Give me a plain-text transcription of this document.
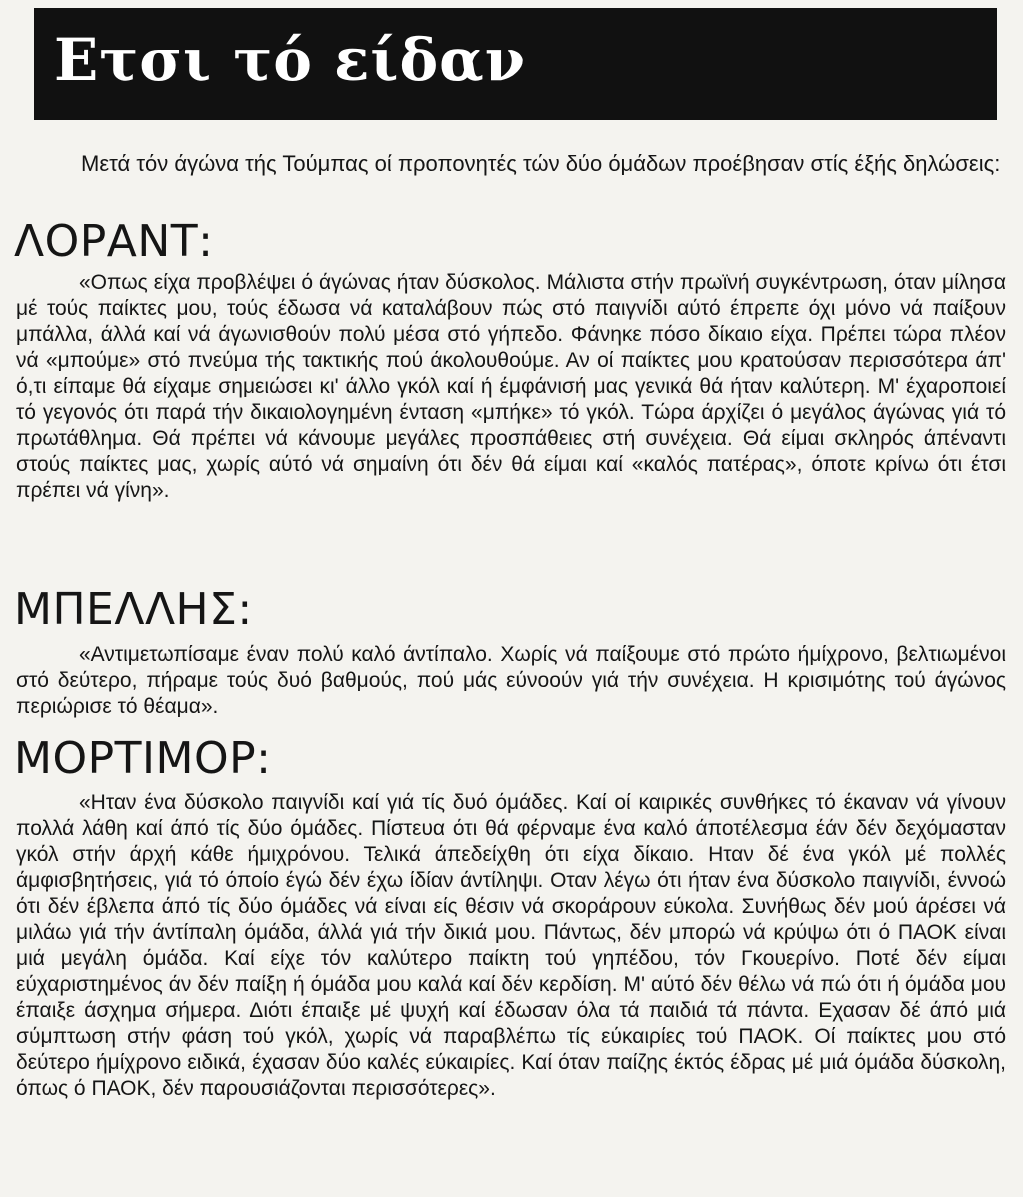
Ετσι τό είδαν
Μετά τόν άγώνα τής Τούμπας οί προπονητές τών δύο όμάδων προέβησαν στίς έξής δηλώσεις:
ΛΟΡΑΝΤ:
«Οπως είχα προβλέψει ό άγώνας ήταν δύσκολος. Μάλιστα στήν πρωϊνή συγκέντρωση, όταν μίλησα μέ τούς παίκτες μου, τούς έδωσα νά καταλάβουν πώς στό παιγνίδι αύτό έπρεπε όχι μόνο νά παίξουν μπάλλα, άλλά καί νά άγωνισθούν πολύ μέσα στό γήπεδο. Φάνηκε πόσο δίκαιο είχα. Πρέπει τώρα πλέον νά «μπούμε» στό πνεύμα τής τακτικής πού άκολουθούμε. Αν οί παίκτες μου κρατούσαν περισσότερα άπ' ό,τι είπαμε θά είχαμε σημειώσει κι' άλλο γκόλ καί ή έμφάνισή μας γενικά θά ήταν καλύτερη. Μ' έχαροποιεί τό γεγονός ότι παρά τήν δικαιολογημένη ένταση «μπήκε» τό γκόλ. Τώρα άρχίζει ό μεγάλος άγώνας γιά τό πρωτάθλημα. Θά πρέπει νά κάνουμε μεγάλες προσπάθειες στή συνέχεια. Θά είμαι σκληρός άπέναντι στούς παίκτες μας, χωρίς αύτό νά σημαίνη ότι δέν θά είμαι καί «καλός πατέρας», όποτε κρίνω ότι έτσι πρέπει νά γίνη».
ΜΠΕΛΛΗΣ:
«Αντιμετωπίσαμε έναν πολύ καλό άντίπαλο. Χωρίς νά παίξουμε στό πρώτο ήμίχρονο, βελτιωμένοι στό δεύτερο, πήραμε τούς δυό βαθμούς, πού μάς εύνοούν γιά τήν συνέχεια. Η κρισιμότης τού άγώνος περιώρισε τό θέαμα».
ΜΟΡΤΙΜΟΡ:
«Ηταν ένα δύσκολο παιγνίδι καί γιά τίς δυό όμάδες. Καί οί καιρικές συνθήκες τό έκαναν νά γίνουν πολλά λάθη καί άπό τίς δύο όμάδες. Πίστευα ότι θά φέρναμε ένα καλό άποτέλεσμα έάν δέν δεχόμασταν γκόλ στήν άρχή κάθε ήμιχρόνου. Τελικά άπεδείχθη ότι είχα δίκαιο. Ηταν δέ ένα γκόλ μέ πολλές άμφισβητήσεις, γιά τό όποίο έγώ δέν έχω ίδίαν άντίληψι. Οταν λέγω ότι ήταν ένα δύσκολο παιγνίδι, έννοώ ότι δέν έβλεπα άπό τίς δύο όμάδες νά είναι είς θέσιν νά σκοράρουν εύκολα. Συνήθως δέν μού άρέσει νά μιλάω γιά τήν άντίπαλη όμάδα, άλλά γιά τήν δικιά μου. Πάντως, δέν μπορώ νά κρύψω ότι ό ΠΑΟΚ είναι μιά μεγάλη όμάδα. Καί είχε τόν καλύτερο παίκτη τού γηπέδου, τόν Γκουερίνο. Ποτέ δέν είμαι εύχαριστημένος άν δέν παίξη ή όμάδα μου καλά καί δέν κερδίση. Μ' αύτό δέν θέλω νά πώ ότι ή όμάδα μου έπαιξε άσχημα σήμερα. Διότι έπαιξε μέ ψυχή καί έδωσαν όλα τά παιδιά τά πάντα. Εχασαν δέ άπό μιά σύμπτωση στήν φάση τού γκόλ, χωρίς νά παραβλέπω τίς εύκαιρίες τού ΠΑΟΚ. Οί παίκτες μου στό δεύτερο ήμίχρονο ειδικά, έχασαν δύο καλές εύκαιρίες. Καί όταν παίζης έκτός έδρας μέ μιά όμάδα δύσκολη, όπως ό ΠΑΟΚ, δέν παρουσιάζονται περισσότερες».
